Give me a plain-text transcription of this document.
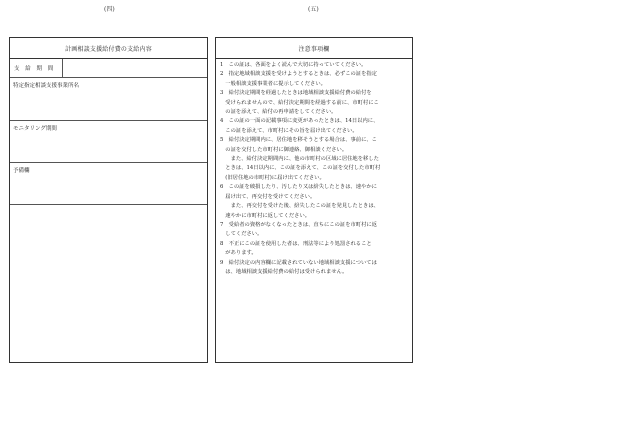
(四)	(五)
計画相談支援給付費の支給内容
支 給 期 間
特定指定相談支援事業所名
モニタリング期間
予備欄
注意事項欄
1　この証は、各面をよく読んで大切に持っていてください。
2　指定地域相談支援を受けようとするときは、必ずこの証を指定
　一般相談支援事業者に提示してください。
3　給付決定期間を経過したときは地域相談支援給付費の給付を
　受けられませんので、給付決定期間を経過する前に、市町村にこ
　の証を添えて、給付の再申請をしてください。
4　この証の一面の記載事項に変更があったときは、14日以内に、
　この証を添えて、市町村にその旨を届け出てください。
5　給付決定期間内に、居住地を移そうとする場合は、事前に、こ
　の証を交付した市町村に御連絡、御相談ください。
　　また、給付決定期間内に、他の市町村の区域に居住地を移した
　ときは、14日以内に、この証を添えて、この証を交付した市町村
　(旧居住地の市町村)に届け出てください。
6　この証を破損したり、汚したり又は紛失したときは、速やかに
　届け出て、再交付を受けてください。
　　また、再交付を受けた後、紛失したこの証を発見したときは、
　速やかに市町村に返してください。
7　受給者の資格がなくなったときは、直ちにこの証を市町村に返
　してください。
8　不正にこの証を使用した者は、刑法等により処罰されること
　があります。
9　給付決定の内容欄に記載されていない地域相談支援については
　は、地域相談支援給付費の給付は受けられません。
